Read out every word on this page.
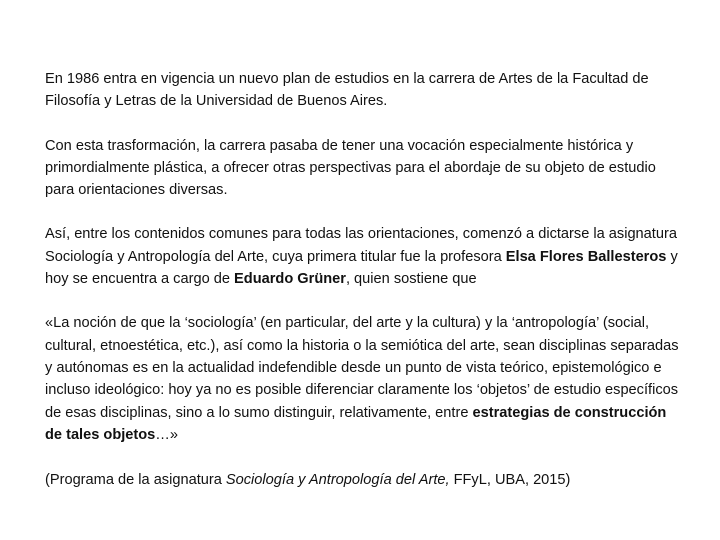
En 1986 entra en vigencia un nuevo plan de estudios en la carrera de Artes de la Facultad de Filosofía y Letras de la Universidad de Buenos Aires.

Con esta trasformación, la carrera pasaba de tener una vocación especialmente histórica y primordialmente plástica, a ofrecer otras perspectivas para el abordaje de su objeto de estudio para orientaciones diversas.

Así, entre los contenidos comunes para todas las orientaciones, comenzó a dictarse la asignatura Sociología y Antropología del Arte, cuya primera titular fue la profesora Elsa Flores Ballesteros y hoy se encuentra a cargo de Eduardo Grüner, quien sostiene que

«La noción de que la ‘sociología’ (en particular, del arte y la cultura) y la ‘antropología’ (social, cultural, etnoestética, etc.), así como la historia o la semiótica del arte, sean disciplinas separadas y autónomas es en la actualidad indefendible desde un punto de vista teórico, epistemológico e incluso ideológico: hoy ya no es posible diferenciar claramente los ‘objetos’ de estudio específicos de esas disciplinas, sino a lo sumo distinguir, relativamente, entre estrategias de construcción de tales objetos…»

(Programa de la asignatura Sociología y Antropología del Arte, FFyL, UBA, 2015)
